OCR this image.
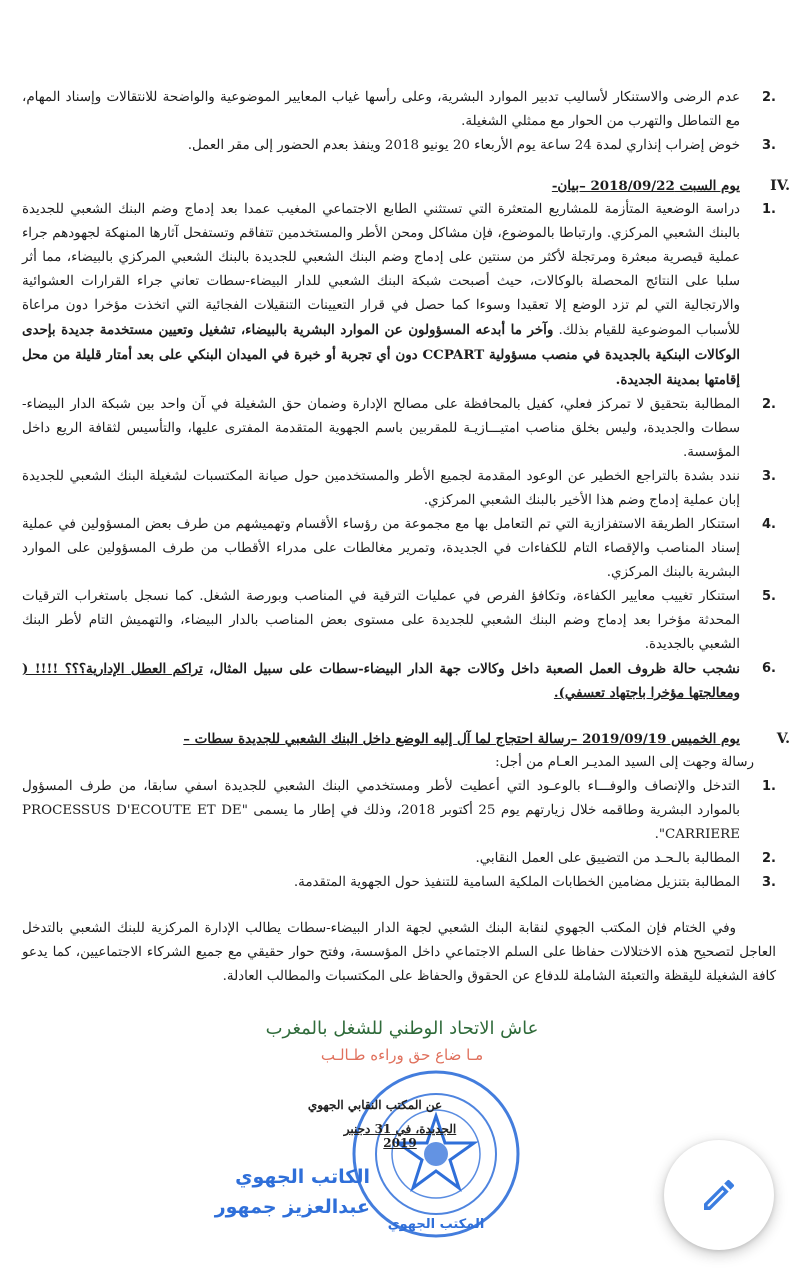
2.
عدم الرضى والاستنكار لأساليب تدبير الموارد البشرية، وعلى رأسها غياب المعايير الموضوعية والواضحة للانتقالات وإسناد المهام، مع التماطل والتهرب من الحوار مع ممثلي الشغيلة.
3.
خوض إضراب إنذاري لمدة 24 ساعة يوم الأربعاء 20 يونيو 2018 وينفذ بعدم الحضور إلى مقر العمل.
IV.
يوم السبت 2018/09/22 –بيان-
1.
دراسة الوضعية المتأزمة للمشاريع المتعثرة التي تستثني الطابع الاجتماعي المغيب عمدا بعد إدماج وضم البنك الشعبي للجديدة بالبنك الشعبي المركزي. وارتباطا بالموضوع، فإن مشاكل ومحن الأطر والمستخدمين تتفاقم وتستفحل آثارها المنهكة لجهودهم جراء عملية قيصرية مبعثرة ومرتجلة لأكثر من سنتين على إدماج وضم البنك الشعبي للجديدة بالبنك الشعبي المركزي بالبيضاء، مما أثر سلبا على النتائج المحصلة بالوكالات، حيث أصبحت شبكة البنك الشعبي للدار البيضاء-سطات تعاني جراء القرارات العشوائية والارتجالية التي لم تزد الوضع إلا تعقيدا وسوءا كما حصل في قرار التعيينات التنقيلات الفجائية التي اتخذت مؤخرا دون مراعاة للأسباب الموضوعية للقيام بذلك. وآخر ما أبدعه المسؤولون عن الموارد البشرية بالبيضاء، تشغيل وتعيين مستخدمة جديدة بإحدى الوكالات البنكية بالجديدة في منصب مسؤولية CCPART دون أي تجربة أو خبرة في الميدان البنكي على بعد أمتار قليلة من محل إقامتها بمدينة الجديدة.
2.
المطالبة بتحقيق لا تمركز فعلي، كفيل بالمحافظة على مصالح الإدارة وضمان حق الشغيلة في آن واحد بين شبكة الدار البيضاء-سطات والجديدة، وليس بخلق مناصب امتيـــازيـة للمقربين باسم الجهوية المتقدمة المفترى عليها، والتأسيس لثقافة الريع داخل المؤسسة.
3.
نندد بشدة بالتراجع الخطير عن الوعود المقدمة لجميع الأطر والمستخدمين حول صيانة المكتسبات لشغيلة البنك الشعبي للجديدة إبان عملية إدماج وضم هذا الأخير بالبنك الشعبي المركزي.
4.
استنكار الطريقة الاستفزازية التي تم التعامل بها مع مجموعة من رؤساء الأقسام وتهميشهم من طرف بعض المسؤولين في عملية إسناد المناصب والإقصاء التام للكفاءات في الجديدة، وتمرير مغالطات على مدراء الأقطاب من طرف المسؤولين على الموارد البشرية بالبنك المركزي.
5.
استنكار تغييب معايير الكفاءة، وتكافؤ الفرص في عمليات الترقية في المناصب وبورصة الشغل. كما نسجل باستغراب الترقيات المحدثة مؤخرا بعد إدماج وضم البنك الشعبي للجديدة على مستوى بعض المناصب بالدار البيضاء، والتهميش التام لأطر البنك الشعبي بالجديدة.
6.
نشجب حالة ظروف العمل الصعبة داخل وكالات جهة الدار البيضاء-سطات على سبيل المثال، تراكم العطل الإدارية؟؟؟ !!!! ( ومعالجتها مؤخرا باجتهاد تعسفي).
V.
يوم الخميس 2019/09/19 –رسالة احتجاج لما آل إليه الوضع داخل البنك الشعبي للجديدة سطات –
رسالة وجهت إلى السيد المديـر العـام من أجل:
1.
التدخل والإنصاف والوفـــاء بالوعـود التي أعطيت لأطر ومستخدمي البنك الشعبي للجديدة اسفي سابقا، من طرف المسؤول بالموارد البشرية وطاقمه خلال زيارتهم يوم 25 أكتوبر 2018، وذلك في إطار ما يسمى "PROCESSUS D'ECOUTE ET DE CARRIERE".
2.
المطالبة بالـحـد من التضييق على العمل النقابي.
3.
المطالبة بتنزيل مضامين الخطابات الملكية السامية للتنفيذ حول الجهوية المتقدمة.
وفي الختام فإن المكتب الجهوي لنقابة البنك الشعبي لجهة الدار البيضاء-سطات يطالب الإدارة المركزية للبنك الشعبي بالتدخل العاجل لتصحيح هذه الاختلالات حفاظا على السلم الاجتماعي داخل المؤسسة، وفتح حوار حقيقي مع جميع الشركاء الاجتماعيين، كما يدعو كافة الشغيلة لليقظة والتعبئة الشاملة للدفاع عن الحقوق والحفاظ على المكتسبات والمطالب العادلة.
عاش الاتحاد الوطني للشغل بالمغرب
مـا ضاع حق وراءه طـالـب
المكتب الجهوي
عن المكتب النقابي الجهوي
الجديدة، في 31 دجنبر 2019
الكاتب الجهوي
عبدالعزيز جمهور
